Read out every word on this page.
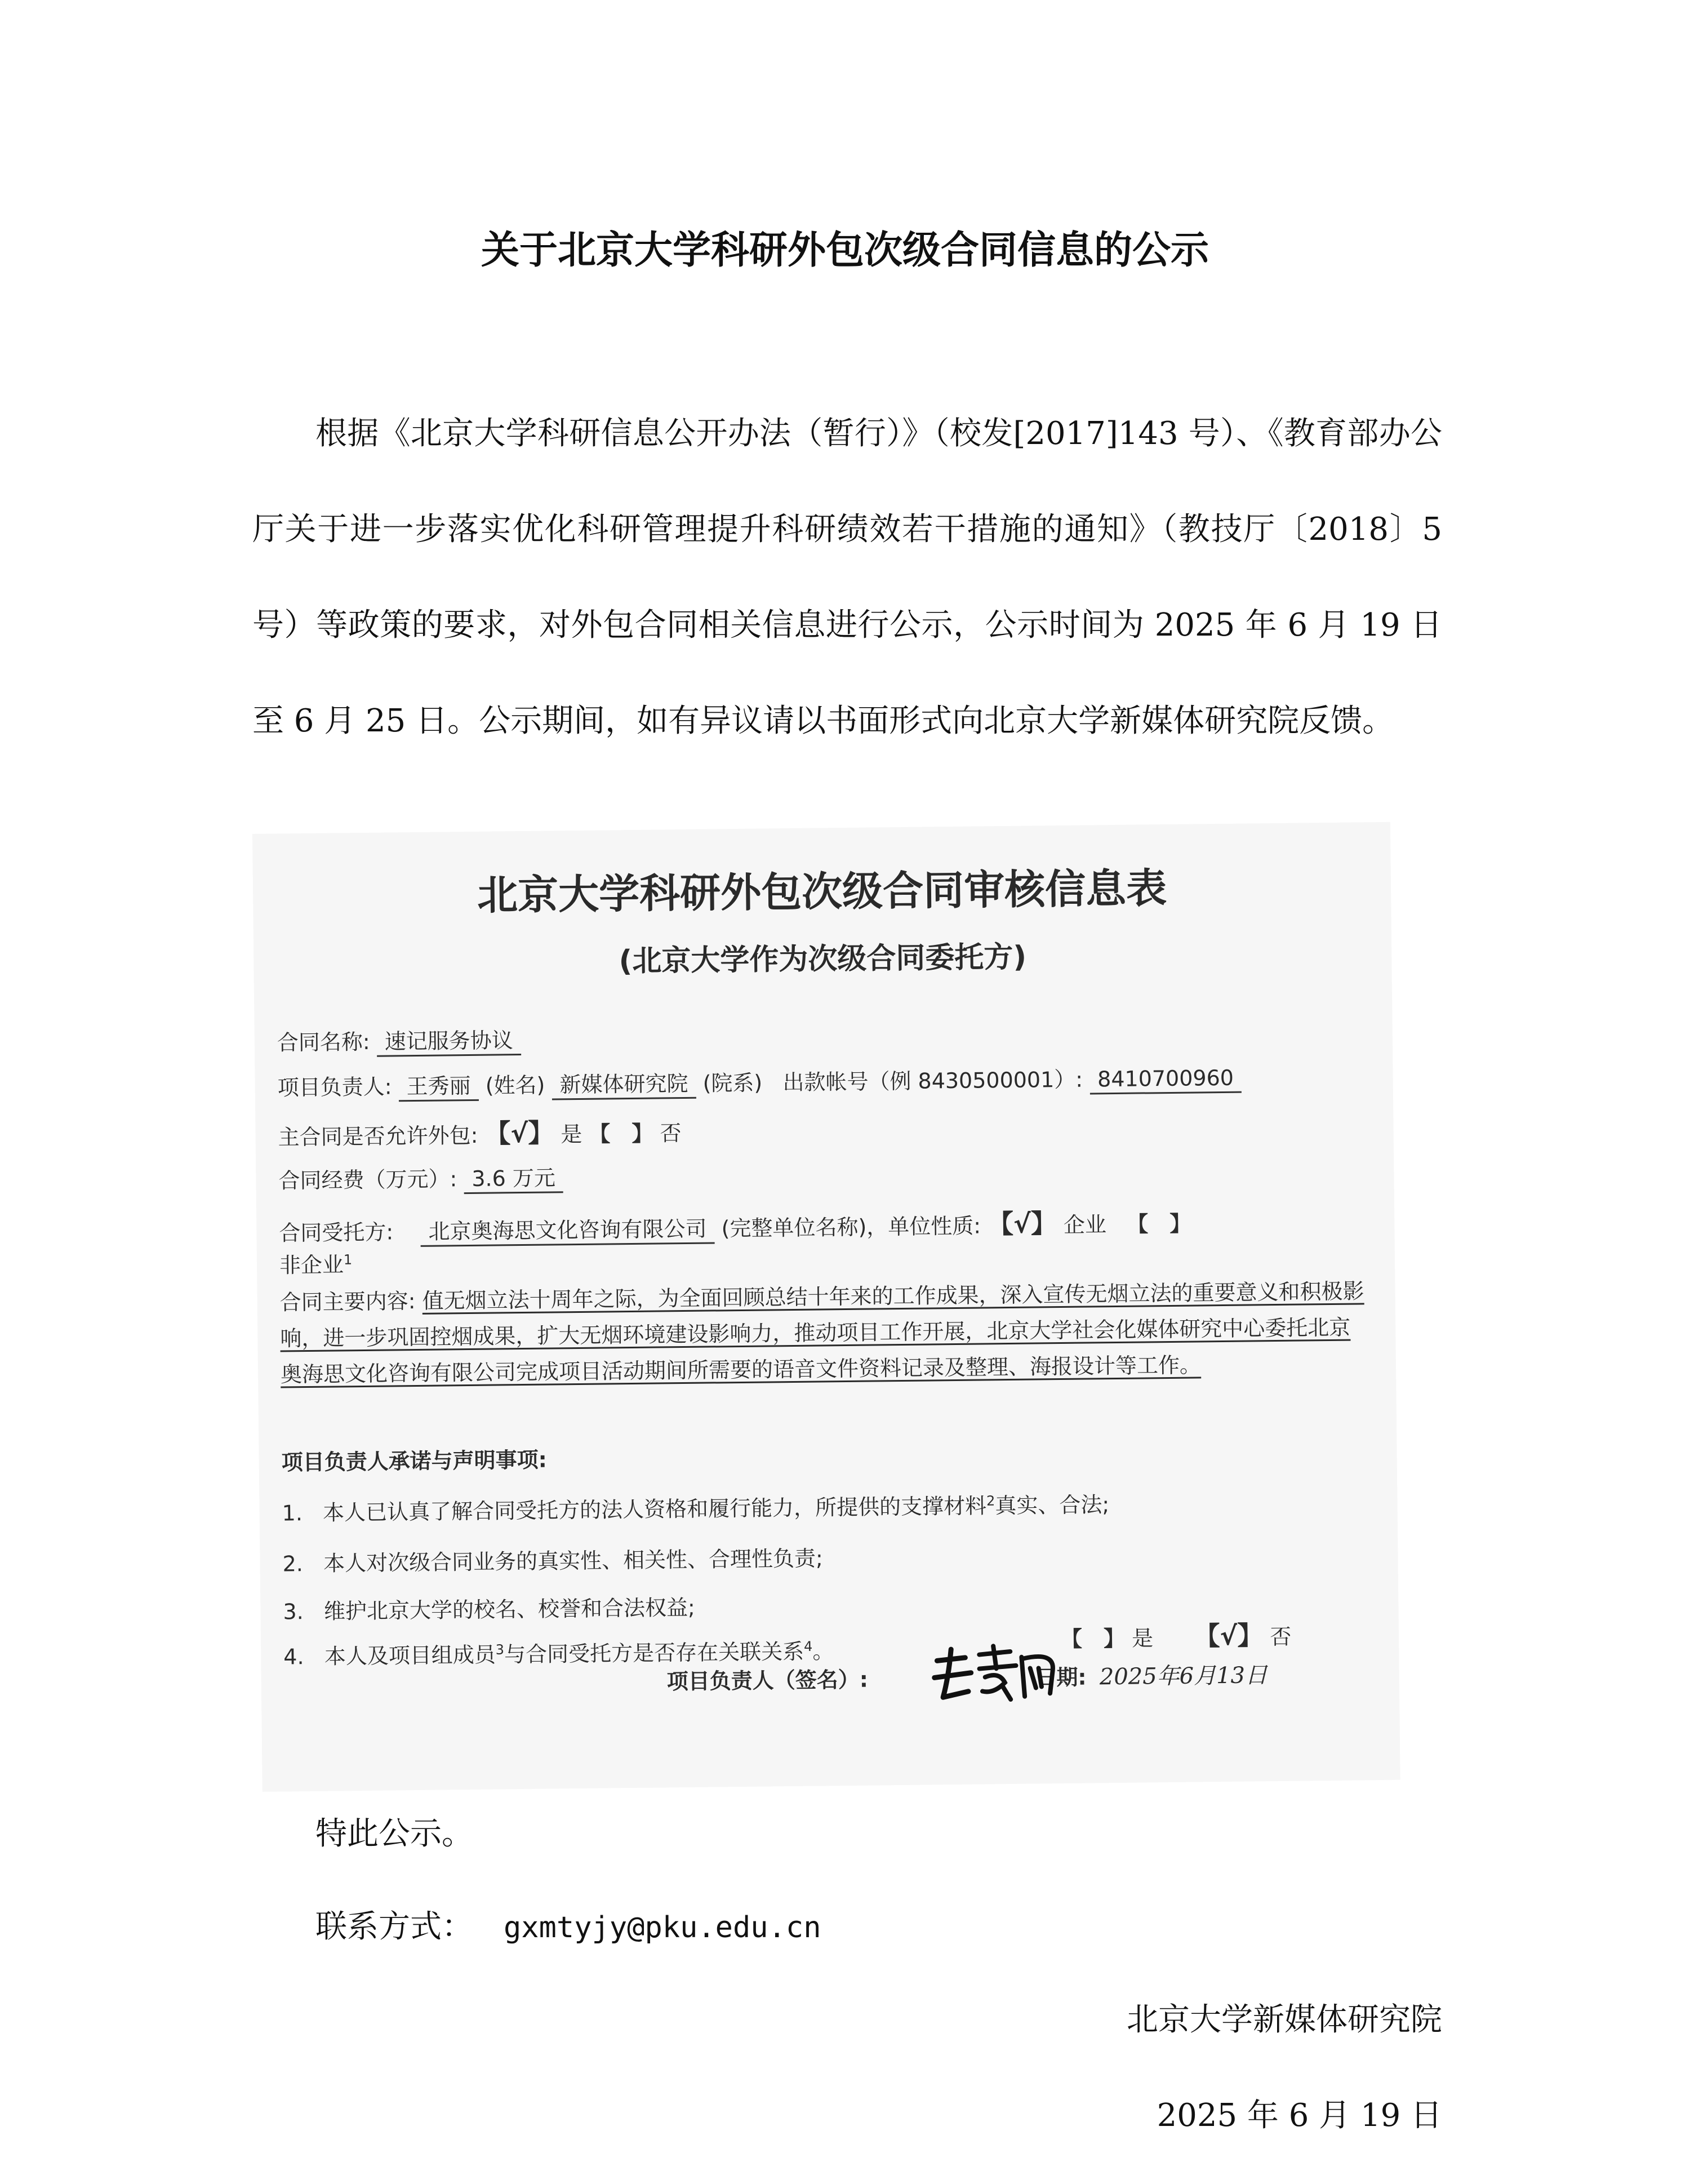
关于北京大学科研外包次级合同信息的公示

根据《北京大学科研信息公开办法（暂行）》（校发[2017]143 号）、《教育部办公厅关于进一步落实优化科研管理提升科研绩效若干措施的通知》（教技厅〔2018〕5 号）等政策的要求，对外包合同相关信息进行公示，公示时间为 2025 年 6 月 19 日至 6 月 25 日。公示期间，如有异议请以书面形式向北京大学新媒体研究院反馈。

北京大学科研外包次级合同审核信息表
(北京大学作为次级合同委托方)
合同名称: 速记服务协议
项目负责人: 王秀丽 (姓名) 新媒体研究院 (院系) 出款帐号（例 8430500001）: 8410700960
主合同是否允许外包: 【√】 是 【　】 否
合同经费（万元）: 3.6 万元
合同受托方: 北京奥海思文化咨询有限公司 (完整单位名称)，单位性质: 【√】 企业 【　】
非企业$^1$
合同主要内容: 值无烟立法十周年之际，为全面回顾总结十年来的工作成果，深入宣传无烟立法的重要意义和积极影响，进一步巩固控烟成果，扩大无烟环境建设影响力，推动项目工作开展，北京大学社会化媒体研究中心委托北京奥海思文化咨询有限公司完成项目活动期间所需要的语音文件资料记录及整理、海报设计等工作。
项目负责人承诺与声明事项:
1. 本人已认真了解合同受托方的法人资格和履行能力，所提供的支撑材料$^2$真实、合法;
2. 本人对次级合同业务的真实性、相关性、合理性负责;
3. 维护北京大学的校名、校誉和合法权益;
4. 本人及项目组成员$^3$与合同受托方是否存在关联关系$^4$。	【　】 是 【√】 否
项目负责人（签名）:	日期: 2025年6月13日
特此公示。
联系方式： gxmtyjy@pku.edu.cn
北京大学新媒体研究院
2025 年 6 月 19 日
